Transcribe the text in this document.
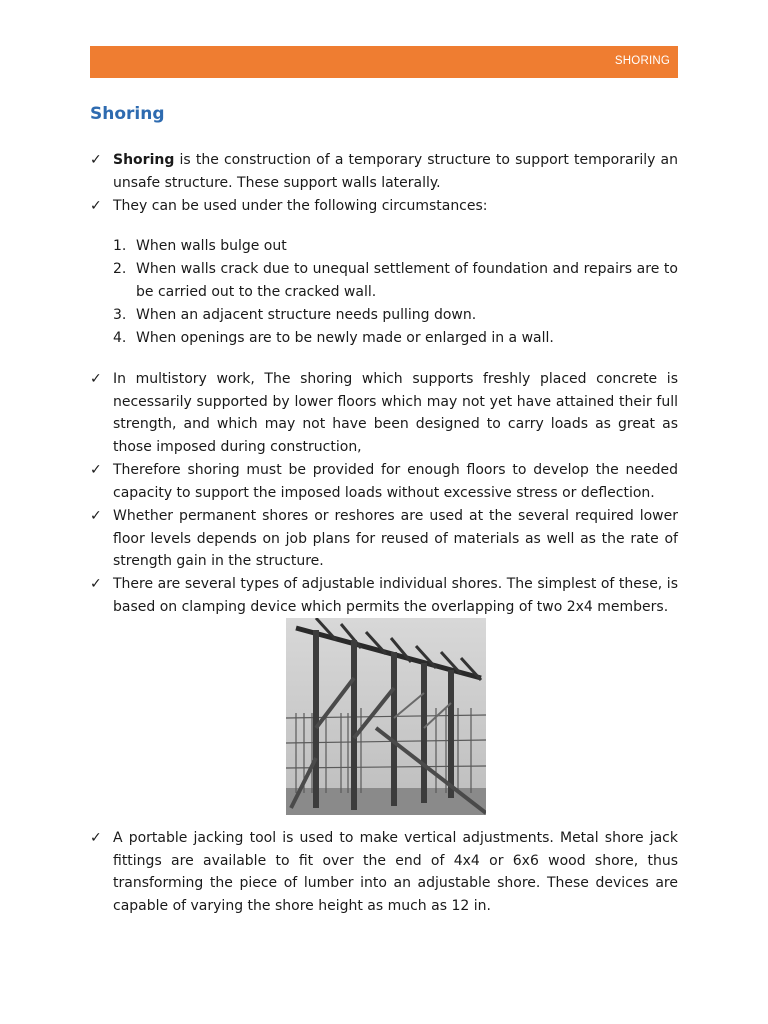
SHORING
Shoring
✓ Shoring is the construction of a temporary structure to support temporarily an unsafe structure. These support walls laterally.
✓ They can be used under the following circumstances:
1. When walls bulge out
2. When walls crack due to unequal settlement of foundation and repairs are to be carried out to the cracked wall.
3. When an adjacent structure needs pulling down.
4. When openings are to be newly made or enlarged in a wall.
✓ In multistory work, The shoring which supports freshly placed concrete is necessarily supported by lower floors which may not yet have attained their full strength, and which may not have been designed to carry loads as great as those imposed during construction,
✓ Therefore shoring must be provided for enough floors to develop the needed capacity to support the imposed loads without excessive stress or deflection.
✓ Whether permanent shores or reshores are used at the several required lower floor levels depends on job plans for reused of materials as well as the rate of strength gain in the structure.
✓ There are several types of adjustable individual shores. The simplest of these, is based on clamping device which permits the overlapping of two 2x4 members.
✓ A portable jacking tool is used to make vertical adjustments. Metal shore jack fittings are available to fit over the end of 4x4 or 6x6 wood shore, thus transforming the piece of lumber into an adjustable shore. These devices are capable of varying the shore height as much as 12 in.
